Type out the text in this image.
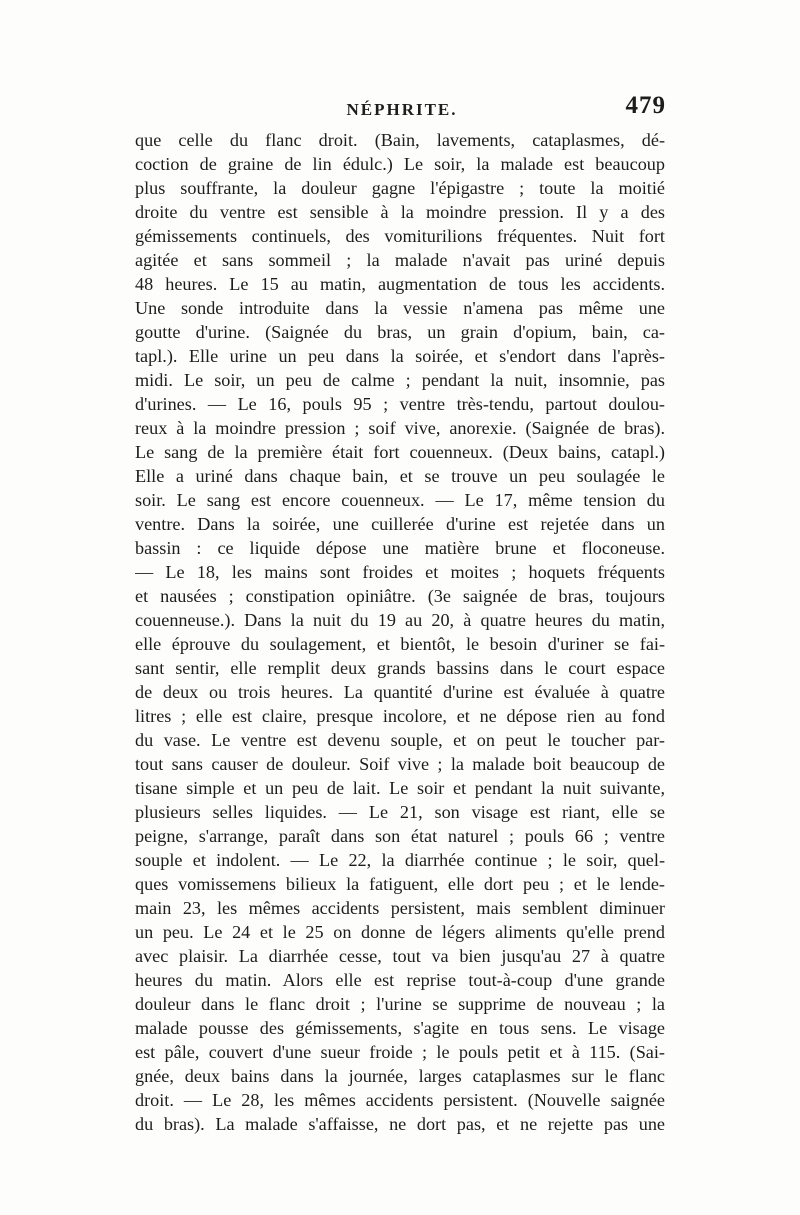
NÉPHRITE.	479
que celle du flanc droit. (Bain, lavements, cataplasmes, dé-
coction de graine de lin édulc.) Le soir, la malade est beaucoup
plus souffrante, la douleur gagne l'épigastre ; toute la moitié
droite du ventre est sensible à la moindre pression. Il y a des
gémissements continuels, des vomiturilions fréquentes. Nuit fort
agitée et sans sommeil ; la malade n'avait pas uriné depuis
48 heures. Le 15 au matin, augmentation de tous les accidents.
Une sonde introduite dans la vessie n'amena pas même une
goutte d'urine. (Saignée du bras, un grain d'opium, bain, ca-
tapl.). Elle urine un peu dans la soirée, et s'endort dans l'après-
midi. Le soir, un peu de calme ; pendant la nuit, insomnie, pas
d'urines. — Le 16, pouls 95 ; ventre très-tendu, partout doulou-
reux à la moindre pression ; soif vive, anorexie. (Saignée de bras).
Le sang de la première était fort couenneux. (Deux bains, catapl.)
Elle a uriné dans chaque bain, et se trouve un peu soulagée le
soir. Le sang est encore couenneux. — Le 17, même tension du
ventre. Dans la soirée, une cuillerée d'urine est rejetée dans un
bassin : ce liquide dépose une matière brune et floconeuse.
— Le 18, les mains sont froides et moites ; hoquets fréquents
et nausées ; constipation opiniâtre. (3e saignée de bras, toujours
couenneuse.). Dans la nuit du 19 au 20, à quatre heures du matin,
elle éprouve du soulagement, et bientôt, le besoin d'uriner se fai-
sant sentir, elle remplit deux grands bassins dans le court espace
de deux ou trois heures. La quantité d'urine est évaluée à quatre
litres ; elle est claire, presque incolore, et ne dépose rien au fond
du vase. Le ventre est devenu souple, et on peut le toucher par-
tout sans causer de douleur. Soif vive ; la malade boit beaucoup de
tisane simple et un peu de lait. Le soir et pendant la nuit suivante,
plusieurs selles liquides. — Le 21, son visage est riant, elle se
peigne, s'arrange, paraît dans son état naturel ; pouls 66 ; ventre
souple et indolent. — Le 22, la diarrhée continue ; le soir, quel-
ques vomissemens bilieux la fatiguent, elle dort peu ; et le lende-
main 23, les mêmes accidents persistent, mais semblent diminuer
un peu. Le 24 et le 25 on donne de légers aliments qu'elle prend
avec plaisir. La diarrhée cesse, tout va bien jusqu'au 27 à quatre
heures du matin. Alors elle est reprise tout-à-coup d'une grande
douleur dans le flanc droit ; l'urine se supprime de nouveau ; la
malade pousse des gémissements, s'agite en tous sens. Le visage
est pâle, couvert d'une sueur froide ; le pouls petit et à 115. (Sai-
gnée, deux bains dans la journée, larges cataplasmes sur le flanc
droit. — Le 28, les mêmes accidents persistent. (Nouvelle saignée
du bras). La malade s'affaisse, ne dort pas, et ne rejette pas une
